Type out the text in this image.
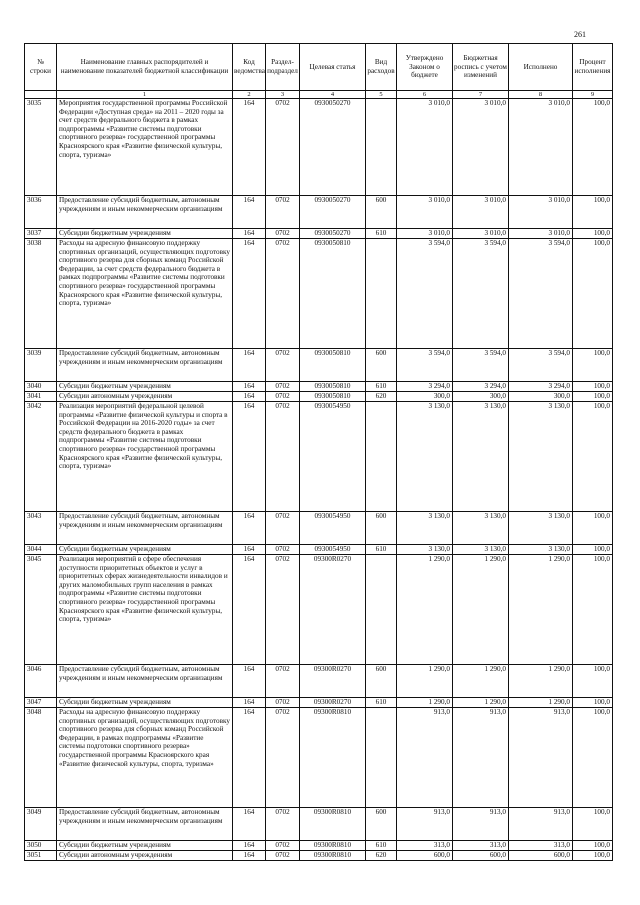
261
№ строки	Наименование главных распорядителей и наименование показателей бюджетной классификации	Код ведомства	Раздел-подраздел	Целевая статья	Вид расходов	Утверждено Законом о бюджете	Бюджетная роспись с учетом изменений	Исполнено	Процент исполнения
	1	2	3	4	5	6	7	8	9
3035	Мероприятия государственной программы Российской Федерации «Доступная среда» на 2011 – 2020 годы за счет средств федерального бюджета в рамках подпрограммы «Развитие системы подготовки спортивного резерва» государственной программы Красноярского края «Развитие физической культуры, спорта, туризма»	164	0702	0930050270		3 010,0	3 010,0	3 010,0	100,0
3036	Предоставление субсидий бюджетным, автономным учреждениям и иным некоммерческим организациям	164	0702	0930050270	600	3 010,0	3 010,0	3 010,0	100,0
3037	Субсидии бюджетным учреждениям	164	0702	0930050270	610	3 010,0	3 010,0	3 010,0	100,0
3038	Расходы на адресную финансовую поддержку спортивных организаций, осуществляющих подготовку спортивного резерва для сборных команд Российской Федерации, за счет средств федерального бюджета в рамках подпрограммы «Развитие системы подготовки спортивного резерва» государственной программы Красноярского края «Развитие физической культуры, спорта, туризма»	164	0702	0930050810		3 594,0	3 594,0	3 594,0	100,0
3039	Предоставление субсидий бюджетным, автономным учреждениям и иным некоммерческим организациям	164	0702	0930050810	600	3 594,0	3 594,0	3 594,0	100,0
3040	Субсидии бюджетным учреждениям	164	0702	0930050810	610	3 294,0	3 294,0	3 294,0	100,0
3041	Субсидии автономным учреждениям	164	0702	0930050810	620	300,0	300,0	300,0	100,0
3042	Реализация мероприятий федеральной целевой программы «Развитие физической культуры и спорта в Российской Федерации на 2016-2020 годы» за счет средств федерального бюджета в рамках подпрограммы «Развитие системы подготовки спортивного резерва» государственной программы Красноярского края «Развитие физической культуры, спорта, туризма»	164	0702	0930054950		3 130,0	3 130,0	3 130,0	100,0
3043	Предоставление субсидий бюджетным, автономным учреждениям и иным некоммерческим организациям	164	0702	0930054950	600	3 130,0	3 130,0	3 130,0	100,0
3044	Субсидии бюджетным учреждениям	164	0702	0930054950	610	3 130,0	3 130,0	3 130,0	100,0
3045	Реализация мероприятий в сфере обеспечения доступности приоритетных объектов и услуг в приоритетных сферах жизнедеятельности инвалидов и других маломобильных групп населения в рамках подпрограммы «Развитие системы подготовки спортивного резерва» государственной программы Красноярского края «Развитие физической культуры, спорта, туризма»	164	0702	09300R0270		1 290,0	1 290,0	1 290,0	100,0
3046	Предоставление субсидий бюджетным, автономным учреждениям и иным некоммерческим организациям	164	0702	09300R0270	600	1 290,0	1 290,0	1 290,0	100,0
3047	Субсидии бюджетным учреждениям	164	0702	09300R0270	610	1 290,0	1 290,0	1 290,0	100,0
3048	Расходы на адресную финансовую поддержку спортивных организаций, осуществляющих подготовку спортивного резерва для сборных команд Российской Федерации, в рамках подпрограммы «Развитие системы подготовки спортивного резерва» государственной программы Красноярского края «Развитие физической культуры, спорта, туризма»	164	0702	09300R0810		913,0	913,0	913,0	100,0
3049	Предоставление субсидий бюджетным, автономным учреждениям и иным некоммерческим организациям	164	0702	09300R0810	600	913,0	913,0	913,0	100,0
3050	Субсидии бюджетным учреждениям	164	0702	09300R0810	610	313,0	313,0	313,0	100,0
3051	Субсидии автономным учреждениям	164	0702	09300R0810	620	600,0	600,0	600,0	100,0
